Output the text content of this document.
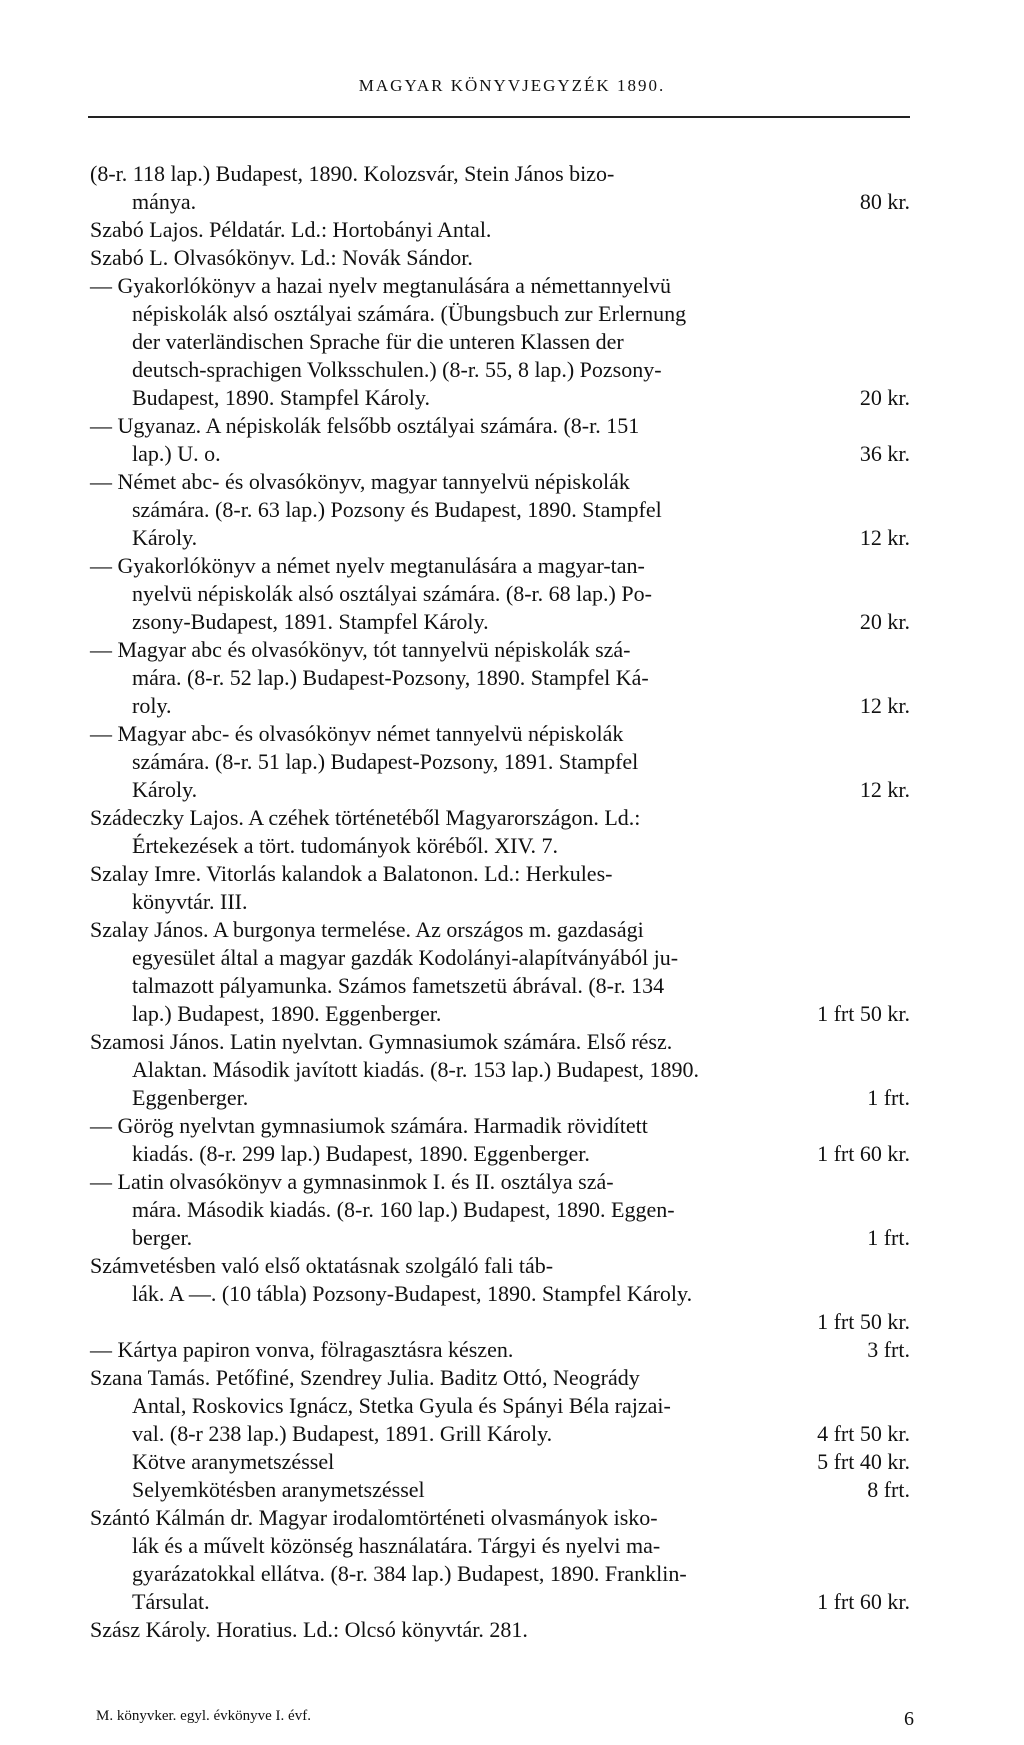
MAGYAR KÖNYVJEGYZÉK 1890.
(8-r. 118 lap.) Budapest, 1890. Kolozsvár, Stein János bizo-
mánya.	80 kr.
Szabó Lajos. Példatár. Ld.: Hortobányi Antal.
Szabó L. Olvasókönyv. Ld.: Novák Sándor.
— Gyakorlókönyv a hazai nyelv megtanulására a némettannyelvü
népiskolák alsó osztályai számára. (Übungsbuch zur Erlernung
der vaterländischen Sprache für die unteren Klassen der
deutsch-sprachigen Volksschulen.) (8-r. 55, 8 lap.) Pozsony-
Budapest, 1890. Stampfel Károly.	20 kr.
— Ugyanaz. A népiskolák felsőbb osztályai számára. (8-r. 151
lap.) U. o.	36 kr.
— Német abc- és olvasókönyv, magyar tannyelvü népiskolák
számára. (8-r. 63 lap.) Pozsony és Budapest, 1890. Stampfel
Károly.	12 kr.
— Gyakorlókönyv a német nyelv megtanulására a magyar-tan-
nyelvü népiskolák alsó osztályai számára. (8-r. 68 lap.) Po-
zsony-Budapest, 1891. Stampfel Károly.	20 kr.
— Magyar abc és olvasókönyv, tót tannyelvü népiskolák szá-
mára. (8-r. 52 lap.) Budapest-Pozsony, 1890. Stampfel Ká-
roly.	12 kr.
— Magyar abc- és olvasókönyv német tannyelvü népiskolák
számára. (8-r. 51 lap.) Budapest-Pozsony, 1891. Stampfel
Károly.	12 kr.
Szádeczky Lajos. A czéhek történetéből Magyarországon. Ld.:
Értekezések a tört. tudományok köréből. XIV. 7.
Szalay Imre. Vitorlás kalandok a Balatonon. Ld.: Herkules-
könyvtár. III.
Szalay János. A burgonya termelése. Az országos m. gazdasági
egyesület által a magyar gazdák Kodolányi-alapítványából ju-
talmazott pályamunka. Számos fametszetü ábrával. (8-r. 134
lap.) Budapest, 1890. Eggenberger.	1 frt 50 kr.
Szamosi János. Latin nyelvtan. Gymnasiumok számára. Első rész.
Alaktan. Második javított kiadás. (8-r. 153 lap.) Budapest, 1890.
Eggenberger.	1 frt.
— Görög nyelvtan gymnasiumok számára. Harmadik rövidített
kiadás. (8-r. 299 lap.) Budapest, 1890. Eggenberger.	1 frt 60 kr.
— Latin olvasókönyv a gymnasinmok I. és II. osztálya szá-
mára. Második kiadás. (8-r. 160 lap.) Budapest, 1890. Eggen-
berger.	1 frt.
Számvetésben való első oktatásnak szolgáló fali táb-
lák. A —. (10 tábla) Pozsony-Budapest, 1890. Stampfel Károly.
1 frt 50 kr.
— Kártya papiron vonva, fölragasztásra készen.	3 frt.
Szana Tamás. Petőfiné, Szendrey Julia. Baditz Ottó, Neogrády
Antal, Roskovics Ignácz, Stetka Gyula és Spányi Béla rajzai-
val. (8-r 238 lap.) Budapest, 1891. Grill Károly.	4 frt 50 kr.
Kötve aranymetszéssel	5 frt 40 kr.
Selyemkötésben aranymetszéssel	8 frt.
Szántó Kálmán dr. Magyar irodalomtörténeti olvasmányok isko-
lák és a művelt közönség használatára. Tárgyi és nyelvi ma-
gyarázatokkal ellátva. (8-r. 384 lap.) Budapest, 1890. Franklin-
Társulat.	1 frt 60 kr.
Szász Károly. Horatius. Ld.: Olcsó könyvtár. 281.
M. könyvker. egyl. évkönyve I. évf.	6
